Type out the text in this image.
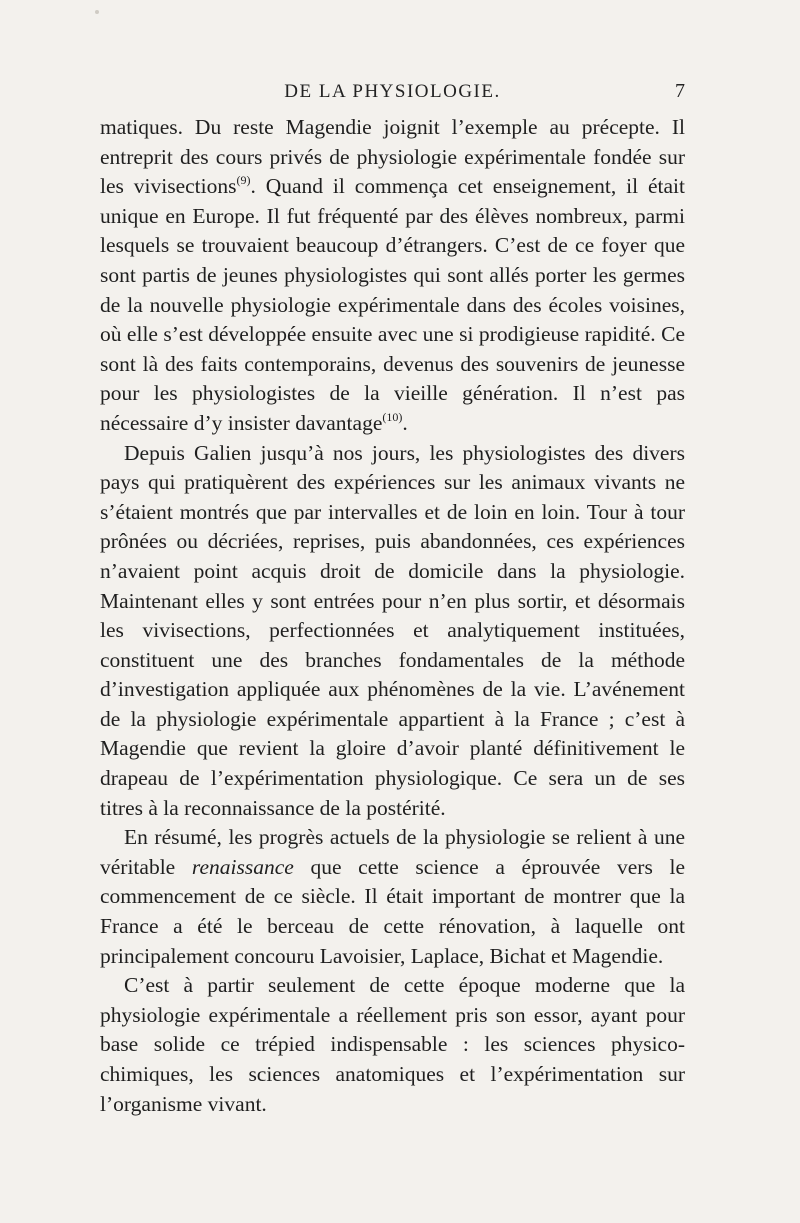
DE LA PHYSIOLOGIE.	7

matiques. Du reste Magendie joignit l’exemple au précepte. Il entreprit des cours privés de physiologie expérimentale fondée sur les vivisections$^{(9)}$. Quand il commença cet enseignement, il était unique en Europe. Il fut fréquenté par des élèves nombreux, parmi lesquels se trouvaient beaucoup d’étrangers. C’est de ce foyer que sont partis de jeunes physiologistes qui sont allés porter les germes de la nouvelle physiologie expérimentale dans des écoles voisines, où elle s’est développée ensuite avec une si prodigieuse rapidité. Ce sont là des faits contemporains, devenus des souvenirs de jeunesse pour les physiologistes de la vieille génération. Il n’est pas nécessaire d’y insister davantage$^{(10)}$.

Depuis Galien jusqu’à nos jours, les physiologistes des divers pays qui pratiquèrent des expériences sur les animaux vivants ne s’étaient montrés que par intervalles et de loin en loin. Tour à tour prônées ou décriées, reprises, puis abandonnées, ces expériences n’avaient point acquis droit de domicile dans la physiologie. Maintenant elles y sont entrées pour n’en plus sortir, et désormais les vivisections, perfectionnées et analytiquement instituées, constituent une des branches fondamentales de la méthode d’investigation appliquée aux phénomènes de la vie. L’avénement de la physiologie expérimentale appartient à la France ; c’est à Magendie que revient la gloire d’avoir planté définitivement le drapeau de l’expérimentation physiologique. Ce sera un de ses titres à la reconnaissance de la postérité.

En résumé, les progrès actuels de la physiologie se relient à une véritable renaissance que cette science a éprouvée vers le commencement de ce siècle. Il était important de montrer que la France a été le berceau de cette rénovation, à laquelle ont principalement concouru Lavoisier, Laplace, Bichat et Magendie.

C’est à partir seulement de cette époque moderne que la physiologie expérimentale a réellement pris son essor, ayant pour base solide ce trépied indispensable : les sciences physico-chimiques, les sciences anatomiques et l’expérimentation sur l’organisme vivant.
